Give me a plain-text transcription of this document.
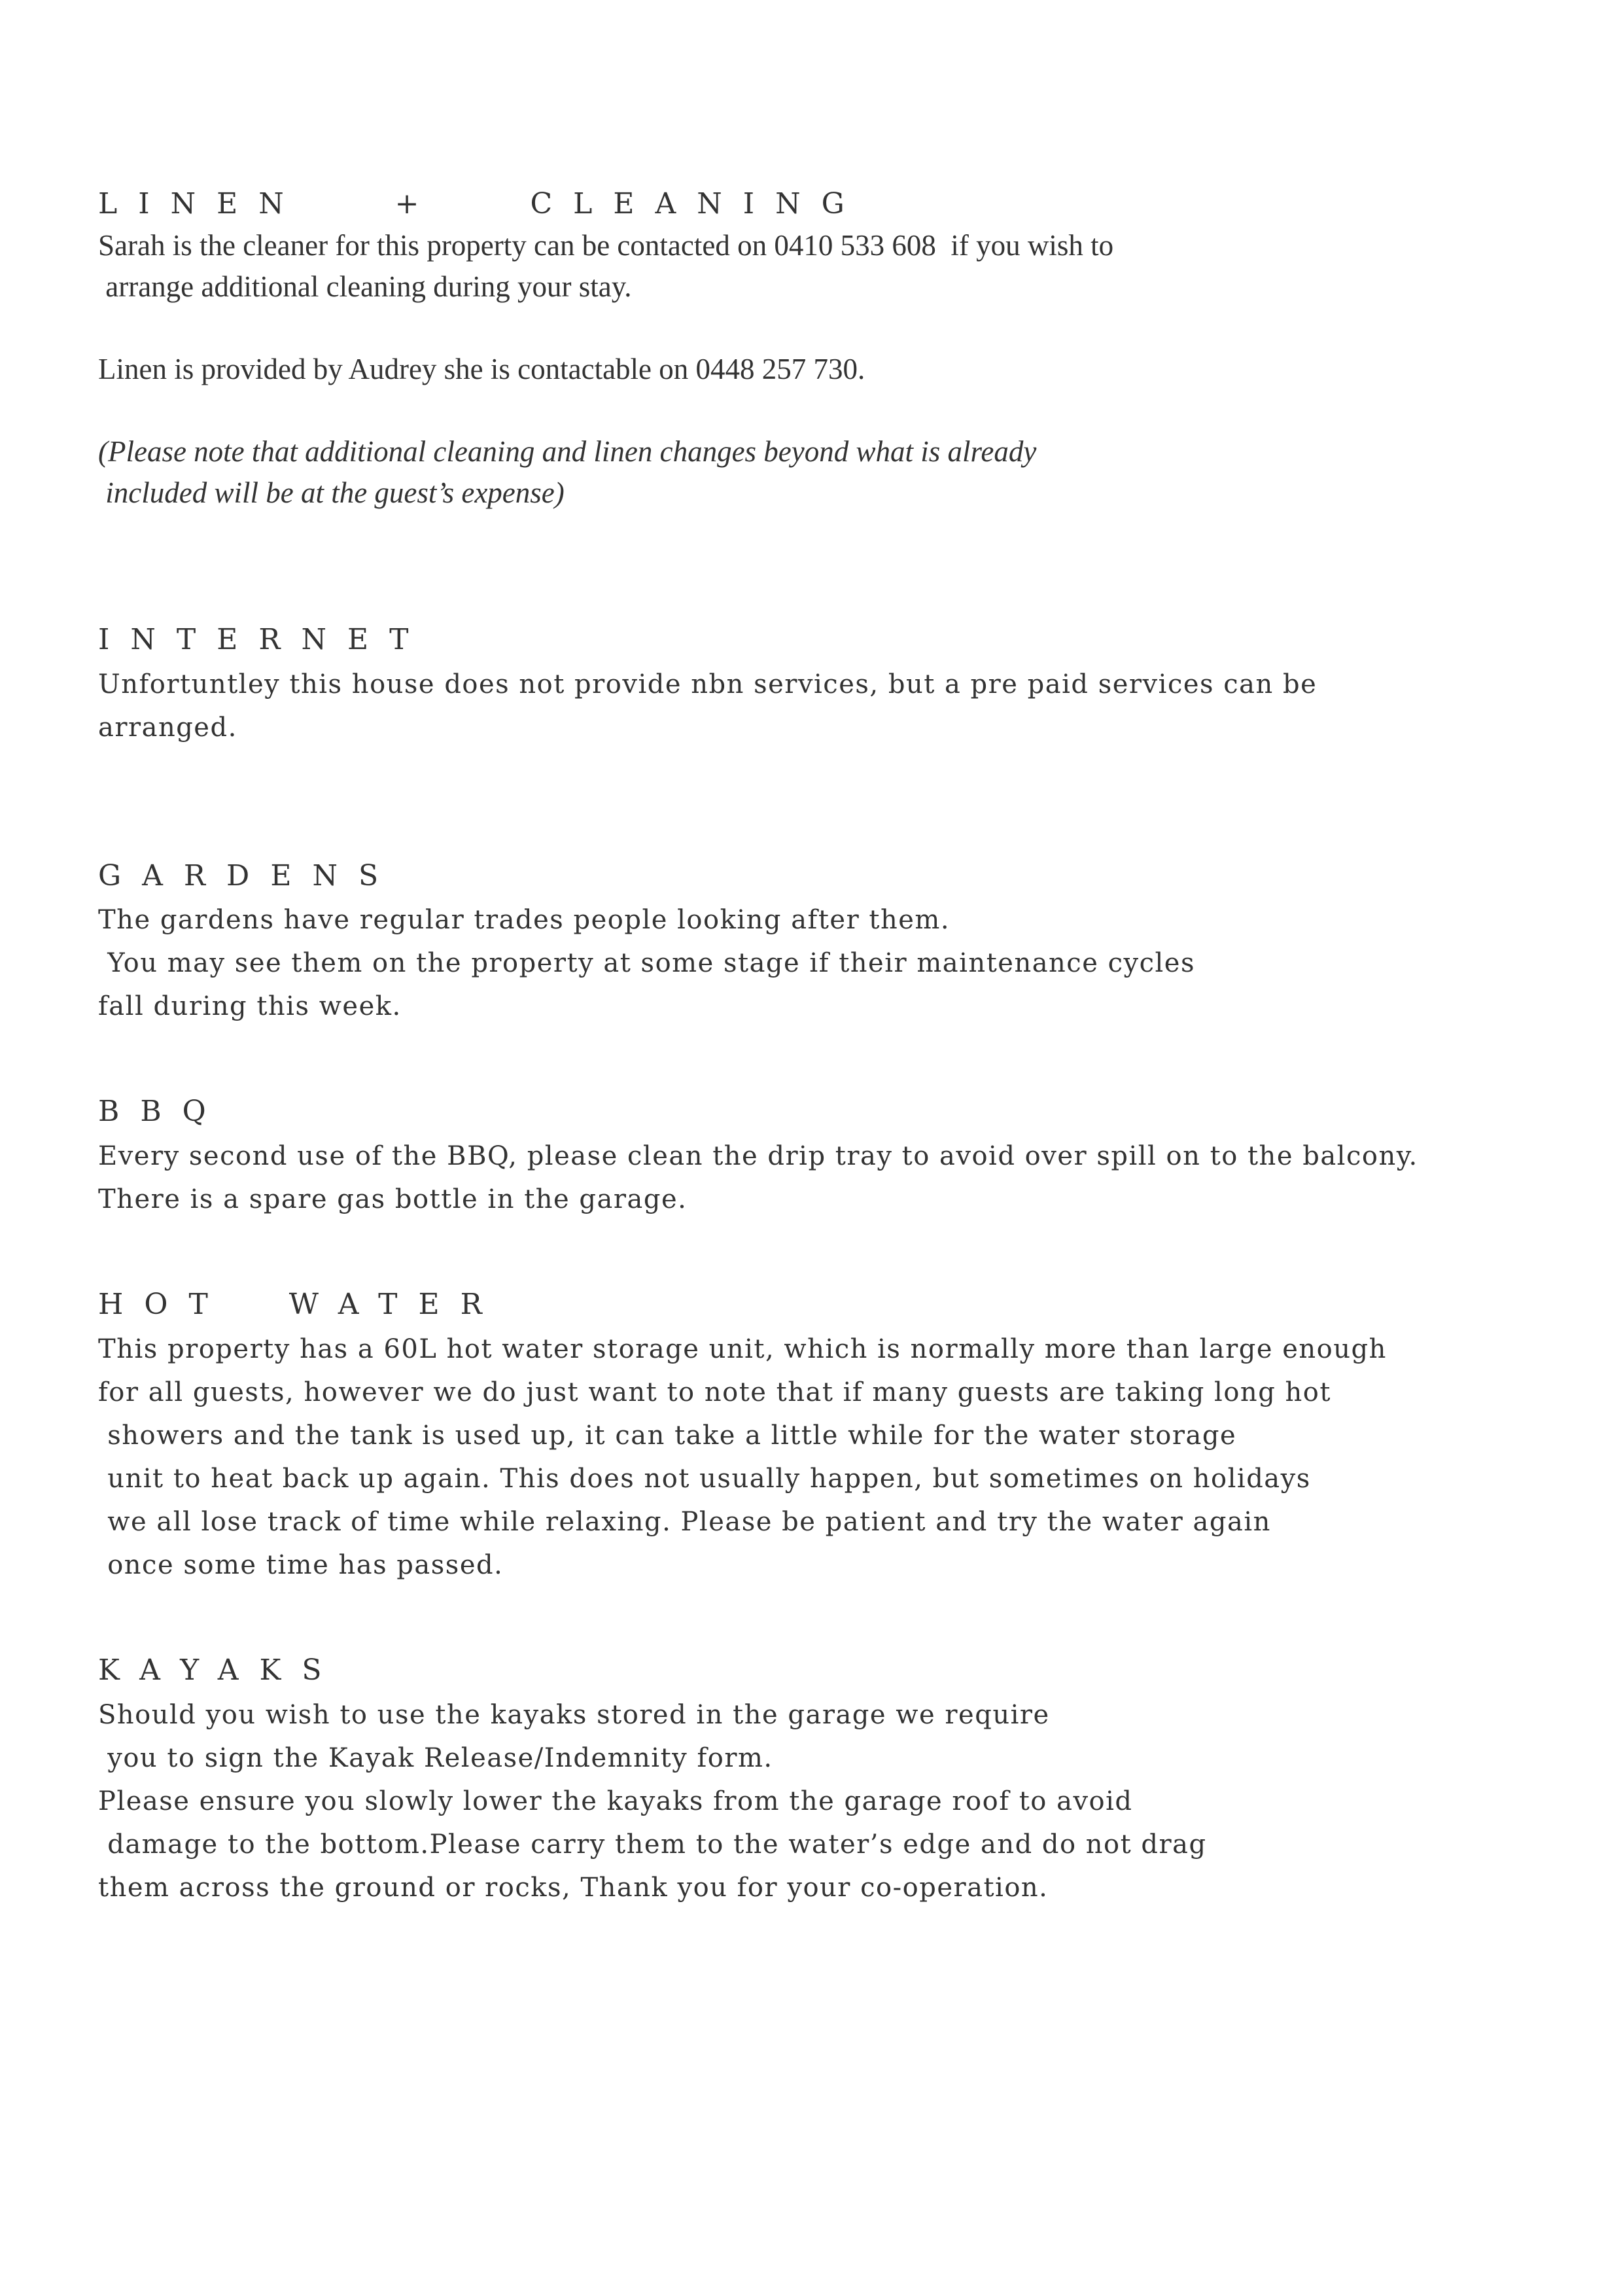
LINEN   +   CLEANING
Sarah is the cleaner for this property can be contacted on 0410 533 608  if you wish to
arrange additional cleaning during your stay.
Linen is provided by Audrey she is contactable on 0448 257 730.
(Please note that additional cleaning and linen changes beyond what is already
included will be at the guest’s expense)
INTERNET
Unfortuntley this house does not provide nbn services, but a pre paid services can be
arranged.
GARDENS
The gardens have regular trades people looking after them.
You may see them on the property at some stage if their maintenance cycles
fall during this week.
BBQ
Every second use of the BBQ, please clean the drip tray to avoid over spill on to the balcony.
There is a spare gas bottle in the garage.
HOT  WATER
This property has a 60L hot water storage unit, which is normally more than large enough
for all guests, however we do just want to note that if many guests are taking long hot
showers and the tank is used up, it can take a little while for the water storage
unit to heat back up again. This does not usually happen, but sometimes on holidays
we all lose track of time while relaxing. Please be patient and try the water again
once some time has passed.
KAYAKS
Should you wish to use the kayaks stored in the garage we require
you to sign the Kayak Release/Indemnity form.
Please ensure you slowly lower the kayaks from the garage roof to avoid
damage to the bottom.Please carry them to the water’s edge and do not drag
them across the ground or rocks, Thank you for your co-operation.
